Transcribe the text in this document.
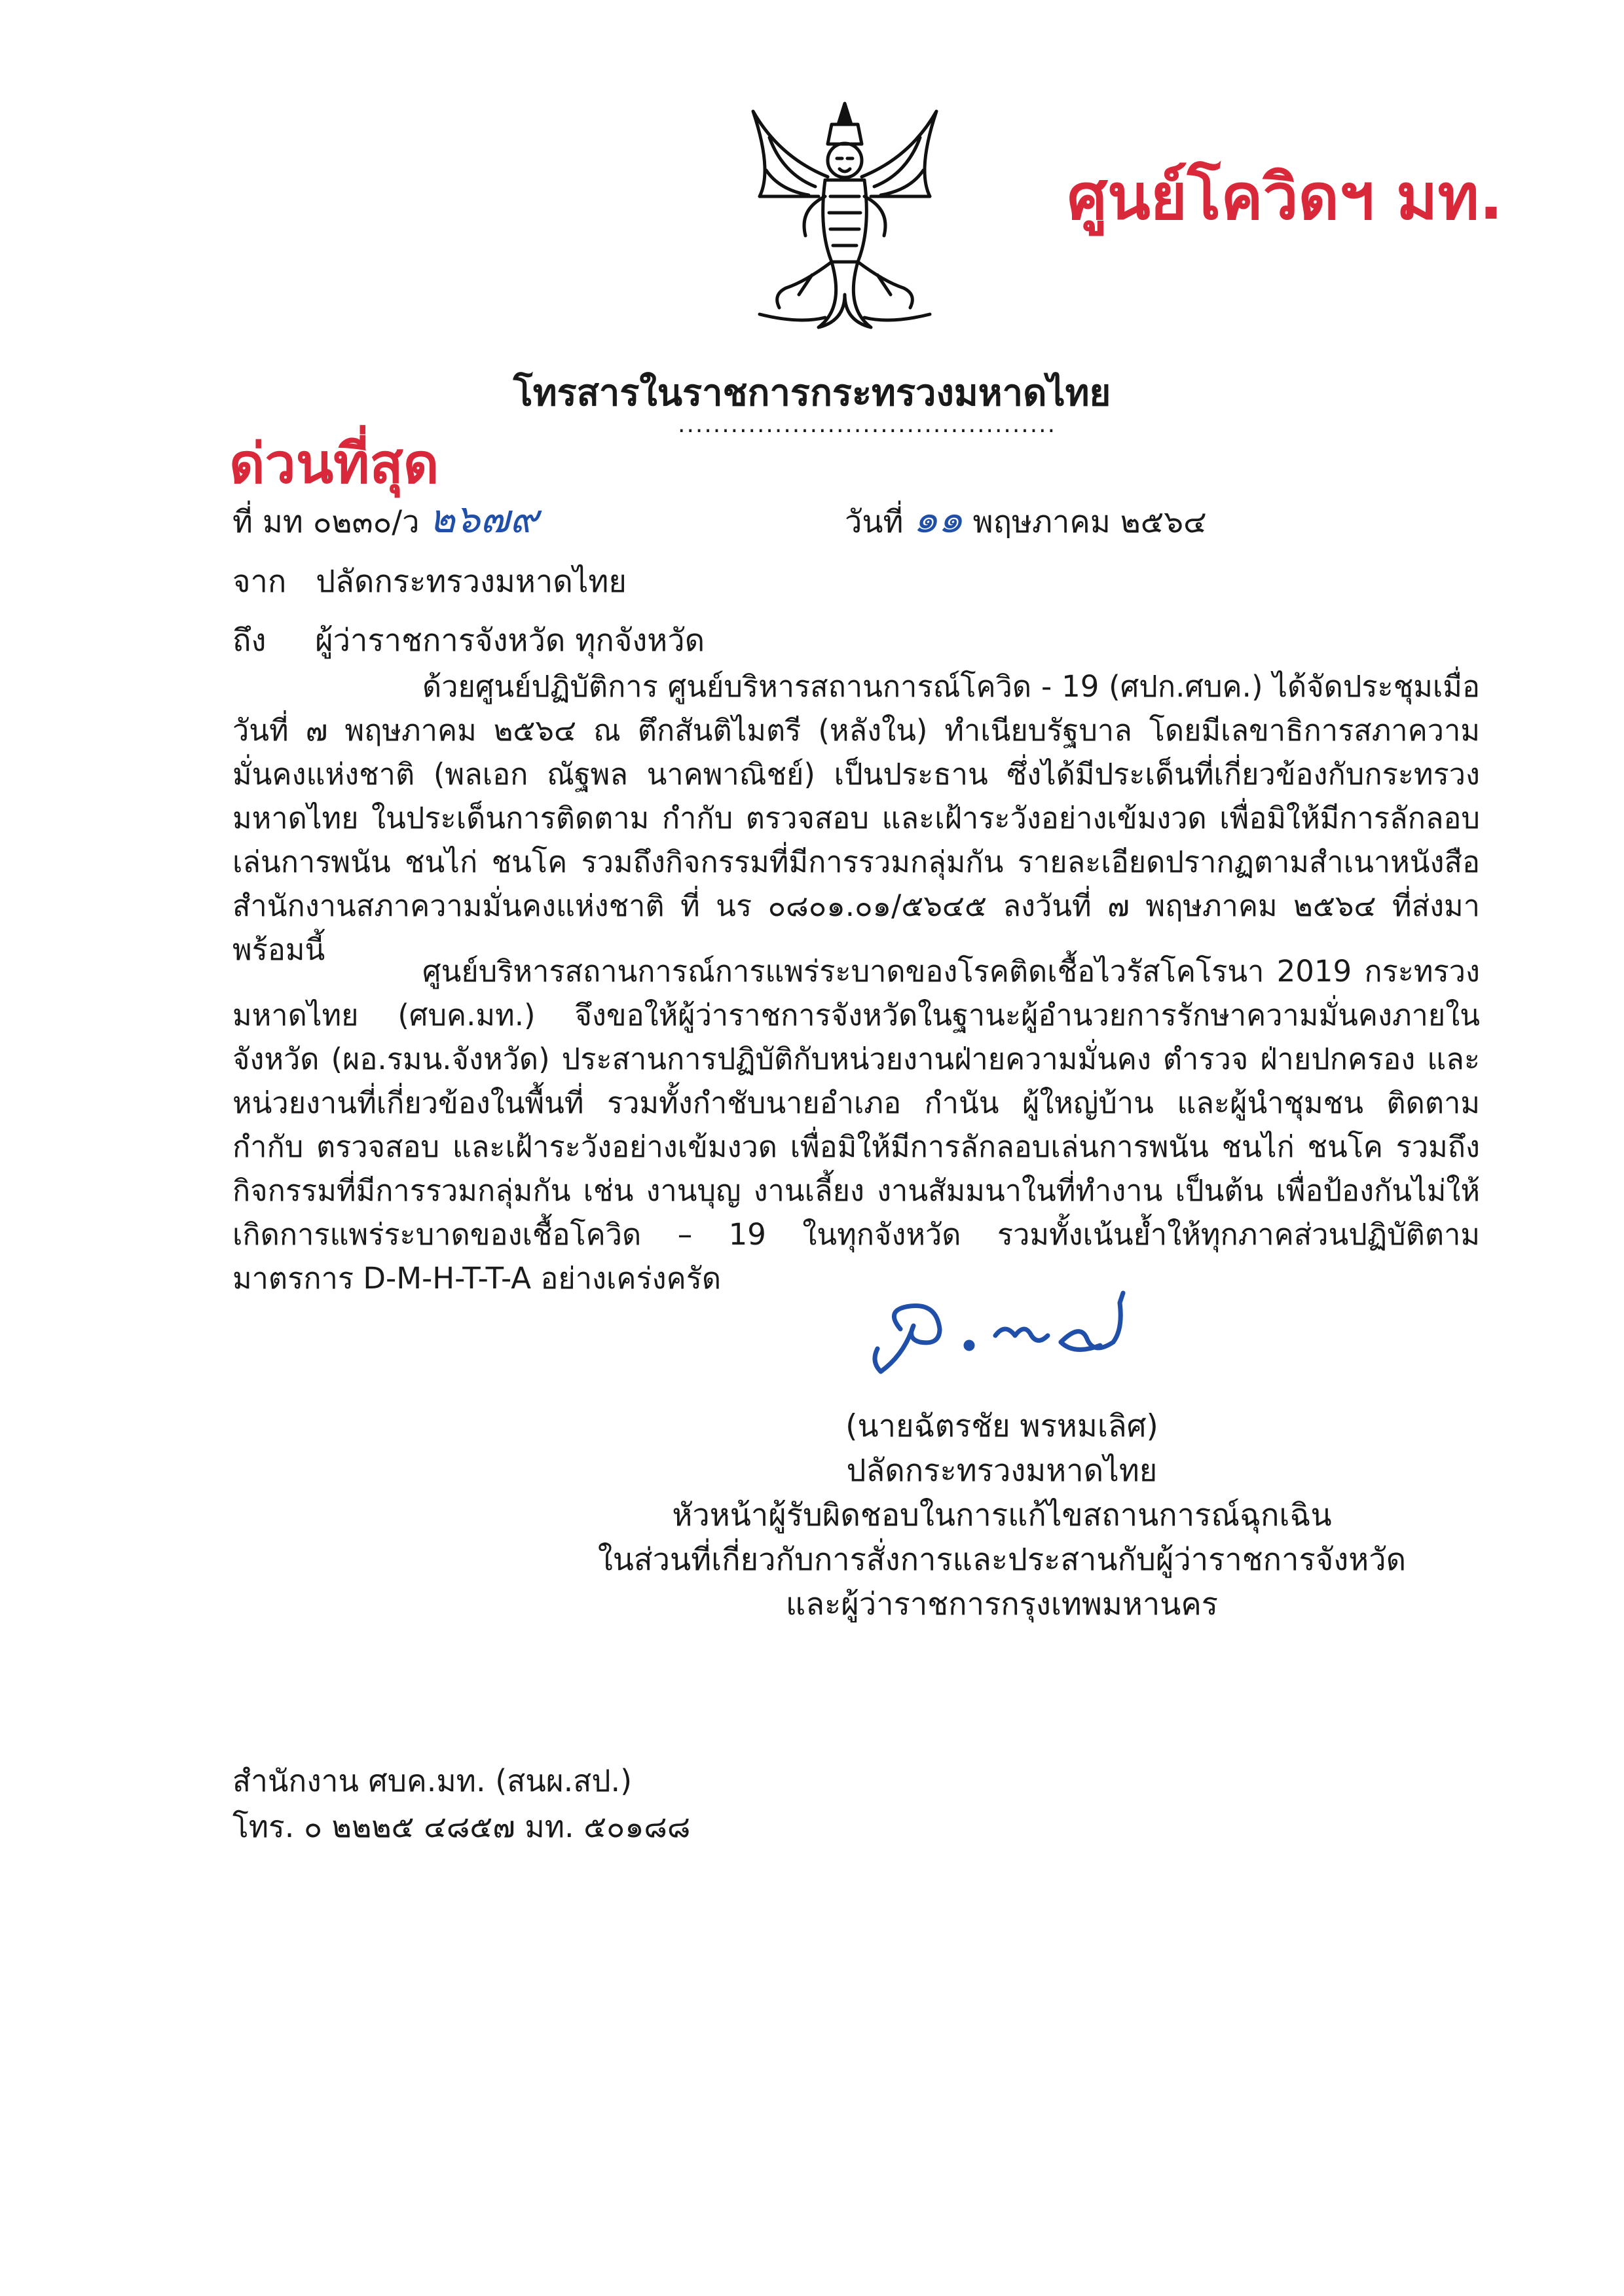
ศูนย์โควิดฯ มท.
โทรสารในราชการกระทรวงมหาดไทย
...........................................
ด่วนที่สุด
ที่ มท ๐๒๓๐/ว ๒๖๗๙	วันที่ ๑๑ พฤษภาคม ๒๕๖๔
จาก ปลัดกระทรวงมหาดไทย
ถึง ผู้ว่าราชการจังหวัด ทุกจังหวัด
ด้วยศูนย์ปฏิบัติการ ศูนย์บริหารสถานการณ์โควิด - 19 (ศปก.ศบค.) ได้จัดประชุมเมื่อวันที่ ๗ พฤษภาคม ๒๕๖๔ ณ ตึกสันติไมตรี (หลังใน) ทำเนียบรัฐบาล โดยมีเลขาธิการสภาความมั่นคงแห่งชาติ (พลเอก ณัฐพล นาคพาณิชย์) เป็นประธาน ซึ่งได้มีประเด็นที่เกี่ยวข้องกับกระทรวงมหาดไทย ในประเด็นการติดตาม กำกับ ตรวจสอบ และเฝ้าระวังอย่างเข้มงวด เพื่อมิให้มีการลักลอบเล่นการพนัน ชนไก่ ชนโค รวมถึงกิจกรรมที่มีการรวมกลุ่มกัน รายละเอียดปรากฏตามสำเนาหนังสือสำนักงานสภาความมั่นคงแห่งชาติ ที่ นร ๐๘๐๑.๐๑/๕๖๔๕ ลงวันที่ ๗ พฤษภาคม ๒๕๖๔ ที่ส่งมาพร้อมนี้
ศูนย์บริหารสถานการณ์การแพร่ระบาดของโรคติดเชื้อไวรัสโคโรนา 2019 กระทรวงมหาดไทย (ศบค.มท.) จึงขอให้ผู้ว่าราชการจังหวัดในฐานะผู้อำนวยการรักษาความมั่นคงภายในจังหวัด (ผอ.รมน.จังหวัด) ประสานการปฏิบัติกับหน่วยงานฝ่ายความมั่นคง ตำรวจ ฝ่ายปกครอง และหน่วยงานที่เกี่ยวข้องในพื้นที่ รวมทั้งกำชับนายอำเภอ กำนัน ผู้ใหญ่บ้าน และผู้นำชุมชน ติดตาม กำกับ ตรวจสอบ และเฝ้าระวังอย่างเข้มงวด เพื่อมิให้มีการลักลอบเล่นการพนัน ชนไก่ ชนโค รวมถึงกิจกรรมที่มีการรวมกลุ่มกัน เช่น งานบุญ งานเลี้ยง งานสัมมนาในที่ทำงาน เป็นต้น เพื่อป้องกันไม่ให้เกิดการแพร่ระบาดของเชื้อโควิด – 19 ในทุกจังหวัด รวมทั้งเน้นย้ำให้ทุกภาคส่วนปฏิบัติตามมาตรการ D-M-H-T-T-A อย่างเคร่งครัด
(นายฉัตรชัย พรหมเลิศ)
ปลัดกระทรวงมหาดไทย
หัวหน้าผู้รับผิดชอบในการแก้ไขสถานการณ์ฉุกเฉิน
ในส่วนที่เกี่ยวกับการสั่งการและประสานกับผู้ว่าราชการจังหวัด
และผู้ว่าราชการกรุงเทพมหานคร
สำนักงาน ศบค.มท. (สนผ.สป.)
โทร. ๐ ๒๒๒๕ ๔๘๕๗ มท. ๕๐๑๘๘
